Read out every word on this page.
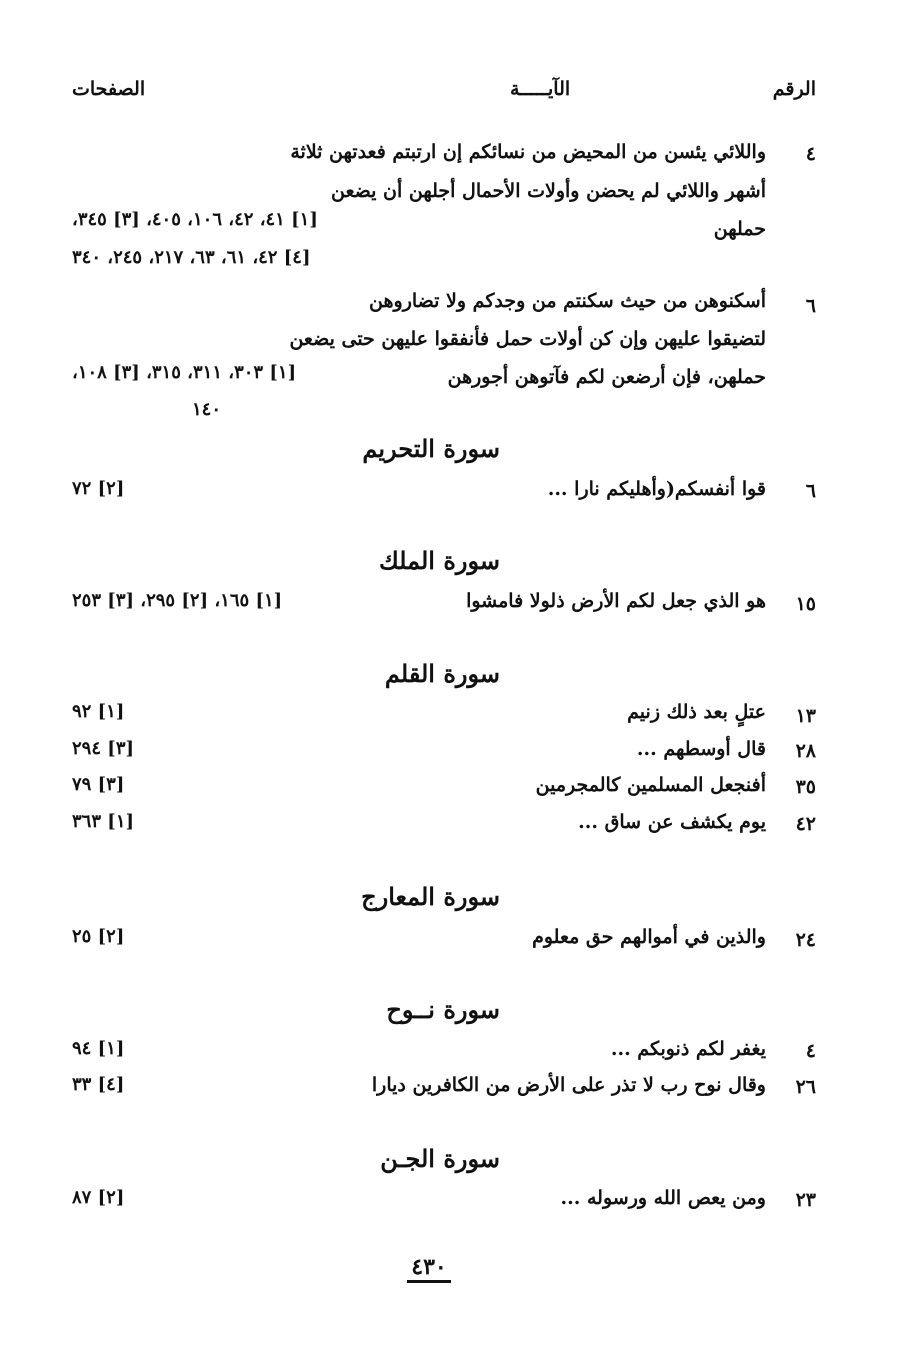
الرقم
الآيـــــة
الصفحات
٤
واللائي يئسن من المحيض من نسائكم إن ارتبتم فعدتهن ثلاثة
أشهر واللائي لم يحضن وأولات الأحمال أجلهن أن يضعن
حملهن
[١] ٤١، ٤٢، ١٠٦، ٤٠٥، [٣] ٣٤٥،
[٤] ٤٢، ٦١، ٦٣، ٢١٧، ٢٤٥، ٣٤٠
٦
أسكنوهن من حيث سكنتم من وجدكم ولا تضاروهن
لتضيقوا عليهن وإن كن أولات حمل فأنفقوا عليهن حتى يضعن
حملهن، فإن أرضعن لكم فآتوهن أجورهن
[١] ٣٠٣، ٣١١، ٣١٥، [٣] ١٠٨،
١٤٠
سورة التحريم
٦
قوا أنفسكم(وأهليكم نارا ...
[٢] ٧٢
سورة الملك
١٥
هو الذي جعل لكم الأرض ذلولا فامشوا
[١] ١٦٥، [٢] ٢٩٥، [٣] ٢٥٣
سورة القلم
١٣
عتلٍ بعد ذلك زنيم
[١] ٩٢
٢٨
قال أوسطهم ...
[٣] ٢٩٤
٣٥
أفنجعل المسلمين كالمجرمين
[٣] ٧٩
٤٢
يوم يكشف عن ساق ...
[١] ٣٦٣
سورة المعارج
٢٤
والذين في أموالهم حق معلوم
[٢] ٢٥
سورة نــوح
٤
يغفر لكم ذنوبكم ...
[١] ٩٤
٢٦
وقال نوح رب لا تذر على الأرض من الكافرين ديارا
[٤] ٣٣
سورة الجـن
٢٣
ومن يعص الله ورسوله ...
[٢] ٨٧
٤٣٠
